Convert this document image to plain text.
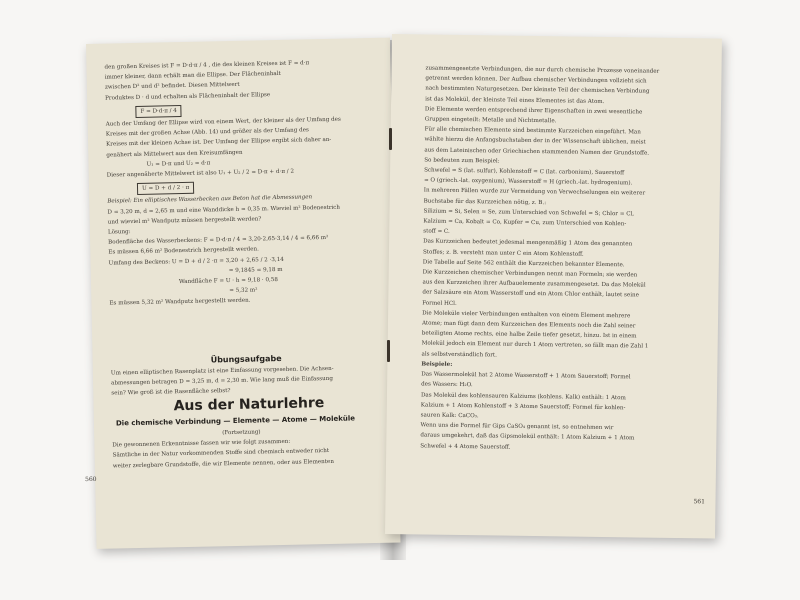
den großen Kreises ist F = D·d·π / 4 , die des kleinen Kreises ist F = d·π

immer kleiner, dann erhält man die Ellipse. Der Flächeninhalt

zwischen D² und d² befindet. Diesen Mittelwert

Produktes D · d und erhalten als Flächeninhalt der Ellipse

F = D·d·π / 4

Auch der Umfang der Ellipse wird von einem Wert, der kleiner als der Umfang des

Kreises mit der großen Achse (Abb. 14) und größer als der Umfang des

Kreises mit der kleinen Achse ist. Der Umfang der Ellipse ergibt sich daher an-

genähert als Mittelwert aus den Kreisumfängen

U₁ = D·π und U₂ = d·π

Dieser angenäherte Mittelwert ist also U₁ + U₂ / 2 = D·π + d·π / 2

U = D + d / 2 · π

Beispiel: Ein elliptisches Wasserbecken aus Beton hat die Abmessungen

D = 3,20 m, d = 2,65 m und eine Wanddicke h = 0,35 m. Wieviel m² Bodenestrich

und wieviel m² Wandputz müssen hergestellt werden?

Lösung:

Bodenfläche des Wasserbeckens: F = D·d·π / 4 = 3,20·2,65·3,14 / 4 = 6,66 m²

Es müssen 6,66 m² Bodenestrich hergestellt werden.

Umfang des Beckens: U = D + d / 2 ·π = 3,20 + 2,65 / 2 ·3,14

= 9,1845 = 9,18 m

Wandfläche F = U · h = 9,18 · 0,58

= 5,32 m²

Es müssen 5,32 m² Wandputz hergestellt werden.

Übungsaufgabe

Um einen elliptischen Rasenplatz ist eine Einfassung vorgesehen. Die Achsen-

abmessungen betragen D = 3,25 m, d = 2,30 m. Wie lang muß die Einfassung

sein? Wie groß ist die Rasenfläche selbst?

Aus der Naturlehre
Die chemische Verbindung — Elemente — Atome — Moleküle

(Fortsetzung)

Die gewonnenen Erkenntnisse fassen wir wie folgt zusammen:

Sämtliche in der Natur vorkommenden Stoffe sind chemisch entweder nicht

weiter zerlegbare Grundstoffe, die wir Elemente nennen, oder aus Elementen

560

zusammengesetzte Verbindungen, die nur durch chemische Prozesse voneinander

getrennt werden können. Der Aufbau chemischer Verbindungen vollzieht sich

nach bestimmten Naturgesetzen. Der kleinste Teil der chemischen Verbindung

ist das Molekül, der kleinste Teil eines Elementes ist das Atom.

Die Elemente werden entsprechend ihrer Eigenschaften in zwei wesentliche

Gruppen eingeteilt: Metalle und Nichtmetalle.

Für alle chemischen Elemente sind bestimmte Kurzzeichen eingeführt. Man

wählte hierzu die Anfangsbuchstaben der in der Wissenschaft üblichen, meist

aus dem Lateinischen oder Griechischen stammenden Namen der Grundstoffe.

So bedeuten zum Beispiel:

Schwefel = S (lat. sulfur), Kohlenstoff = C (lat. carbonium), Sauerstoff

= O (griech.-lat. oxygenium), Wasserstoff = H (griech.-lat. hydrogenium).

In mehreren Fällen wurde zur Vermeidung von Verwechselungen ein weiterer

Buchstabe für das Kurzzeichen nötig, z. B.:

Silizium = Si, Selen = Se, zum Unterschied von Schwefel = S; Chlor = Cl,

Kalzium = Ca, Kobalt = Co, Kupfer = Cu, zum Unterschied von Kohlen-

stoff = C.

Das Kurzzeichen bedeutet jedesmal mengenmäßig 1 Atom des genannten

Stoffes; z. B. versteht man unter C ein Atom Kohlenstoff.

Die Tabelle auf Seite 562 enthält die Kurzzeichen bekannter Elemente.

Die Kurzzeichen chemischer Verbindungen nennt man Formeln; sie werden

aus den Kurzzeichen ihrer Aufbauelemente zusammengesetzt. Da das Molekül

der Salzsäure ein Atom Wasserstoff und ein Atom Chlor enthält, lautet seine

Formel HCl.

Die Moleküle vieler Verbindungen enthalten von einem Element mehrere

Atome; man fügt dann dem Kurzzeichen des Elements noch die Zahl seiner

beteiligten Atome rechts, eine halbe Zeile tiefer gesetzt, hinzu. Ist in einem

Molekül jedoch ein Element nur durch 1 Atom vertreten, so fällt man die Zahl 1

als selbstverständlich fort.

Beispiele:

Das Wassermolekül hat 2 Atome Wasserstoff + 1 Atom Sauerstoff; Formel

des Wassers: H₂O.

Das Molekül des kohlensauren Kalziums (kohlens. Kalk) enthält: 1 Atom

Kalzium + 1 Atom Kohlenstoff + 3 Atome Sauerstoff; Formel für kohlen-

sauren Kalk: CaCO₃.

Wenn uns die Formel für Gips CaSO₄ genannt ist, so entnehmen wir

daraus umgekehrt, daß das Gipsmolekül enthält: 1 Atom Kalzium + 1 Atom

Schwefel + 4 Atome Sauerstoff.

561
